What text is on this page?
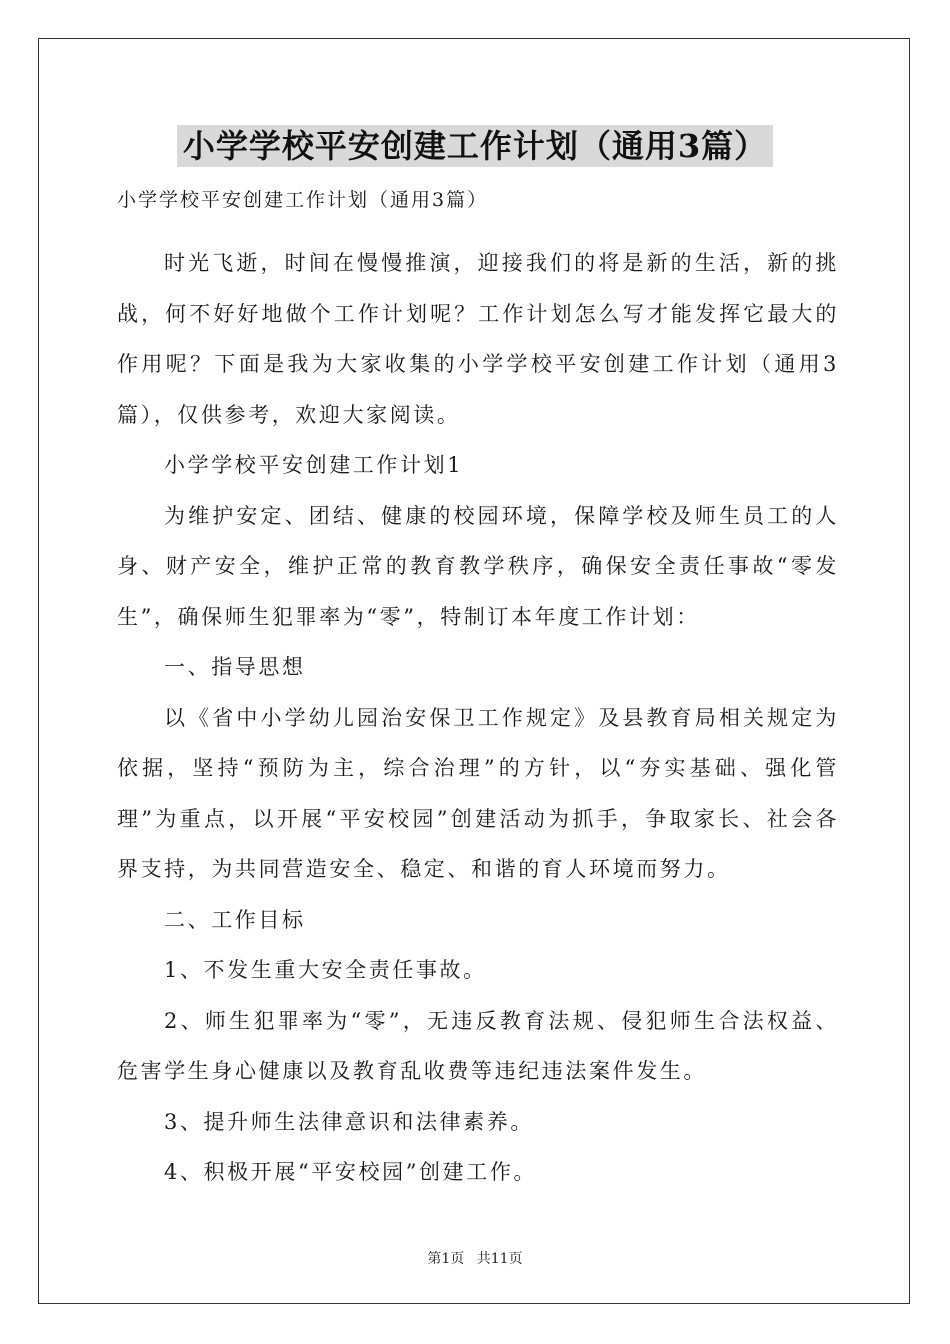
小学学校平安创建工作计划（通用3篇）

小学学校平安创建工作计划（通用3篇）

时光飞逝，时间在慢慢推演，迎接我们的将是新的生活，新的挑战，何不好好地做个工作计划呢？工作计划怎么写才能发挥它最大的作用呢？下面是我为大家收集的小学学校平安创建工作计划（通用3篇），仅供参考，欢迎大家阅读。

小学学校平安创建工作计划1

为维护安定、团结、健康的校园环境，保障学校及师生员工的人身、财产安全，维护正常的教育教学秩序，确保安全责任事故“零发生”，确保师生犯罪率为“零”，特制订本年度工作计划：

一、指导思想

以《省中小学幼儿园治安保卫工作规定》及县教育局相关规定为依据，坚持“预防为主，综合治理”的方针，以“夯实基础、强化管理”为重点，以开展“平安校园”创建活动为抓手，争取家长、社会各界支持，为共同营造安全、稳定、和谐的育人环境而努力。

二、工作目标

1、不发生重大安全责任事故。

2、师生犯罪率为“零”，无违反教育法规、侵犯师生合法权益、危害学生身心健康以及教育乱收费等违纪违法案件发生。

3、提升师生法律意识和法律素养。

4、积极开展“平安校园”创建工作。

第1页 共11页
